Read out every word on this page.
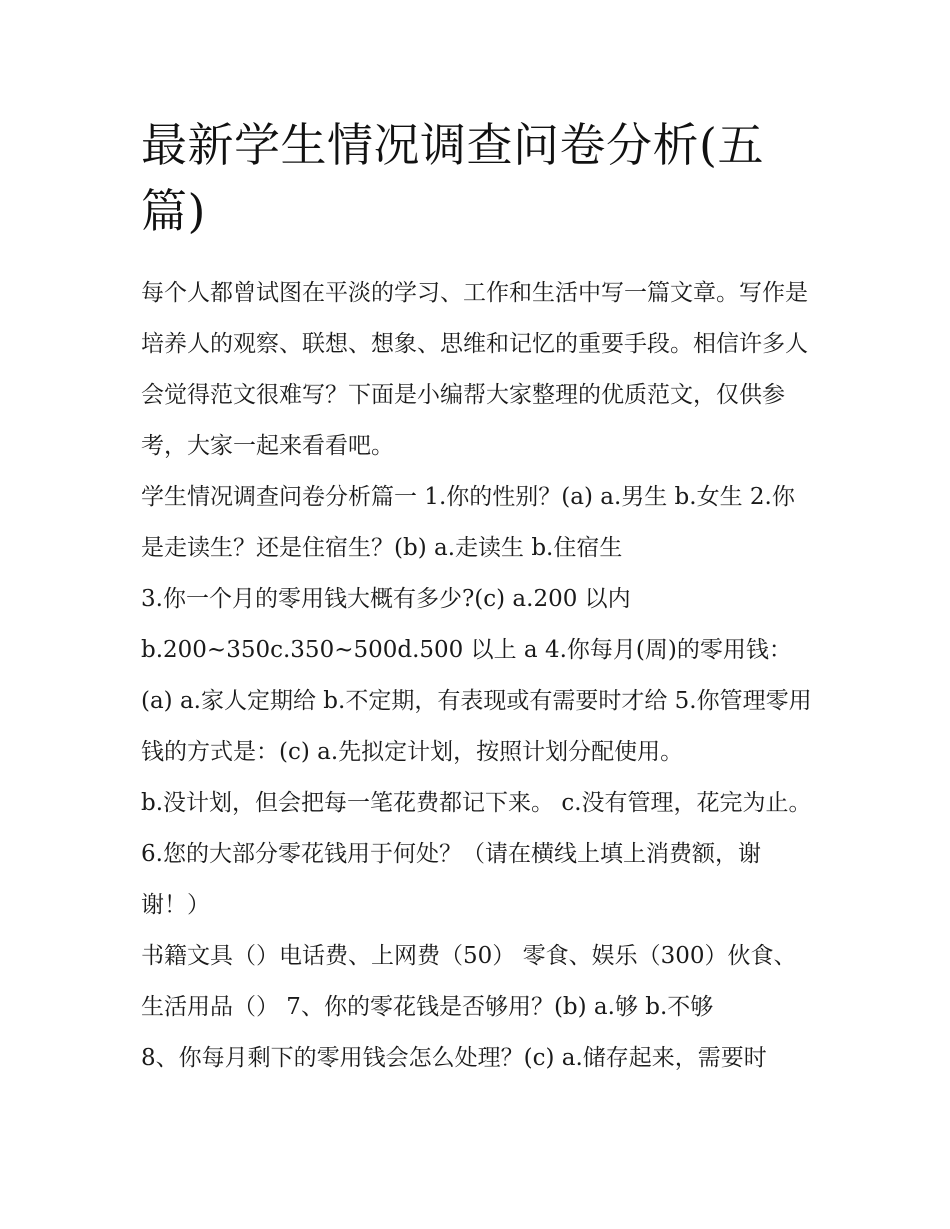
最新学生情况调查问卷分析(五篇)

每个人都曾试图在平淡的学习、工作和生活中写一篇文章。写作是培养人的观察、联想、想象、思维和记忆的重要手段。相信许多人会觉得范文很难写？下面是小编帮大家整理的优质范文，仅供参考，大家一起来看看吧。

学生情况调查问卷分析篇一 1.你的性别？(a) a.男生 b.女生 2.你是走读生？还是住宿生？(b) a.走读生 b.住宿生

3.你一个月的零用钱大概有多少?(c) a.200 以内

b.200~350c.350~500d.500 以上 a 4.你每月(周)的零用钱：(a) a.家人定期给 b.不定期，有表现或有需要时才给 5.你管理零用钱的方式是：(c) a.先拟定计划，按照计划分配使用。

b.没计划，但会把每一笔花费都记下来。 c.没有管理，花完为止。 6.您的大部分零花钱用于何处？（请在横线上填上消费额，谢谢！）

书籍文具（）电话费、上网费（50） 零食、娱乐（300）伙食、生活用品（） 7、你的零花钱是否够用？(b) a.够 b.不够

8、你每月剩下的零用钱会怎么处理？(c) a.储存起来，需要时
